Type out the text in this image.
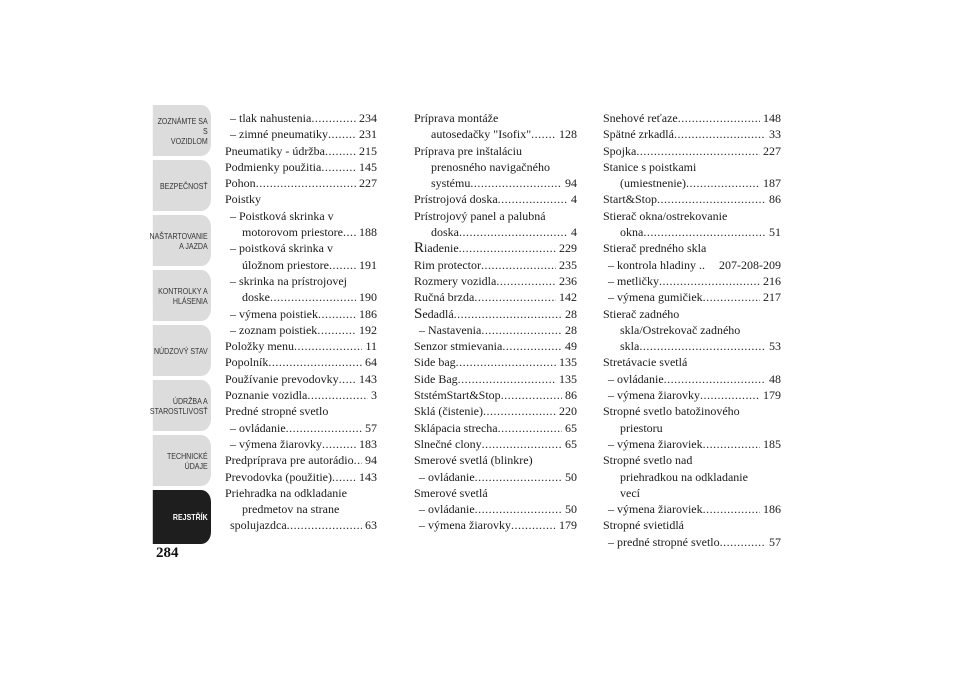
ZOZNÁMTE SA S
VOZIDLOM
BEZPEČNOSŤ
NAŠTARTOVANIE
A JAZDA
KONTROLKY A
HLÁSENIA
NÚDZOVÝ STAV
ÚDRŽBA A
STAROSTLIVOSŤ
TECHNICKÉ
ÚDAJE
REJSTŘÍK
284
– tlak nahustenia .....	234
– zimné pneumatiky .....	231
Pneumatiky - údržba .....	215
Podmienky použitia .....	145
Pohon .....	227
Poistky
– Poistková skrinka v
motorovom priestore ..... 188
– poistková skrinka v
úložnom priestore .....	191
– skrinka na prístrojovej
doske .....	190
– výmena poistiek .....	186
– zoznam poistiek .....	192
Položky menu .....	11
Popolník .....	64
Používanie prevodovky ..... 143
Poznanie vozidla .....	3
Predné stropné svetlo
– ovládanie .....	57
– výmena žiarovky .....	183
Predpríprava pre autorádio ..... 94
Prevodovka (použitie) ..... 143
Priehradka na odkladanie
predmetov na strane
spolujazdca .....	63
Príprava montáže
autosedačky "Isofix" ..... 128
Príprava pre inštaláciu
prenosného navigačného
systému .....	94
Prístrojová doska .....	4
Prístrojový panel a palubná
doska .....	4
Riadenie .....	229
Rim protector .....	235
Rozmery vozidla .....	236
Ručná brzda .....	142
Sedadlá .....	28
– Nastavenia .....	28
Senzor stmievania .....	49
Side bag .....	135
Side Bag .....	135
StstémStart&Stop .....	86
Sklá (čistenie) .....	220
Sklápacia strecha .....	65
Slnečné clony .....	65
Smerové svetlá (blinkre)
– ovládanie .....	50
Smerové svetlá
– ovládanie .....	50
– výmena žiarovky .....	179
Snehové reťaze .....	148
Spätné zrkadlá .....	33
Spojka .....	227
Stanice s poistkami
(umiestnenie) .....	187
Start&Stop .....	86
Stierač okna/ostrekovanie
okna .....	51
Stierač predného skla
– kontrola hladiny .. 207-208-209
– metličky .....	216
– výmena gumičiek .....	217
Stierač zadného
skla/Ostrekovač zadného
skla .....	53
Stretávacie svetlá
– ovládanie .....	48
– výmena žiarovky .....	179
Stropné svetlo batožinového
priestoru
– výmena žiaroviek .....	185
Stropné svetlo nad
priehradkou na odkladanie
vecí
– výmena žiaroviek .....	186
Stropné svietidlá
– predné stropné svetlo .....	57
